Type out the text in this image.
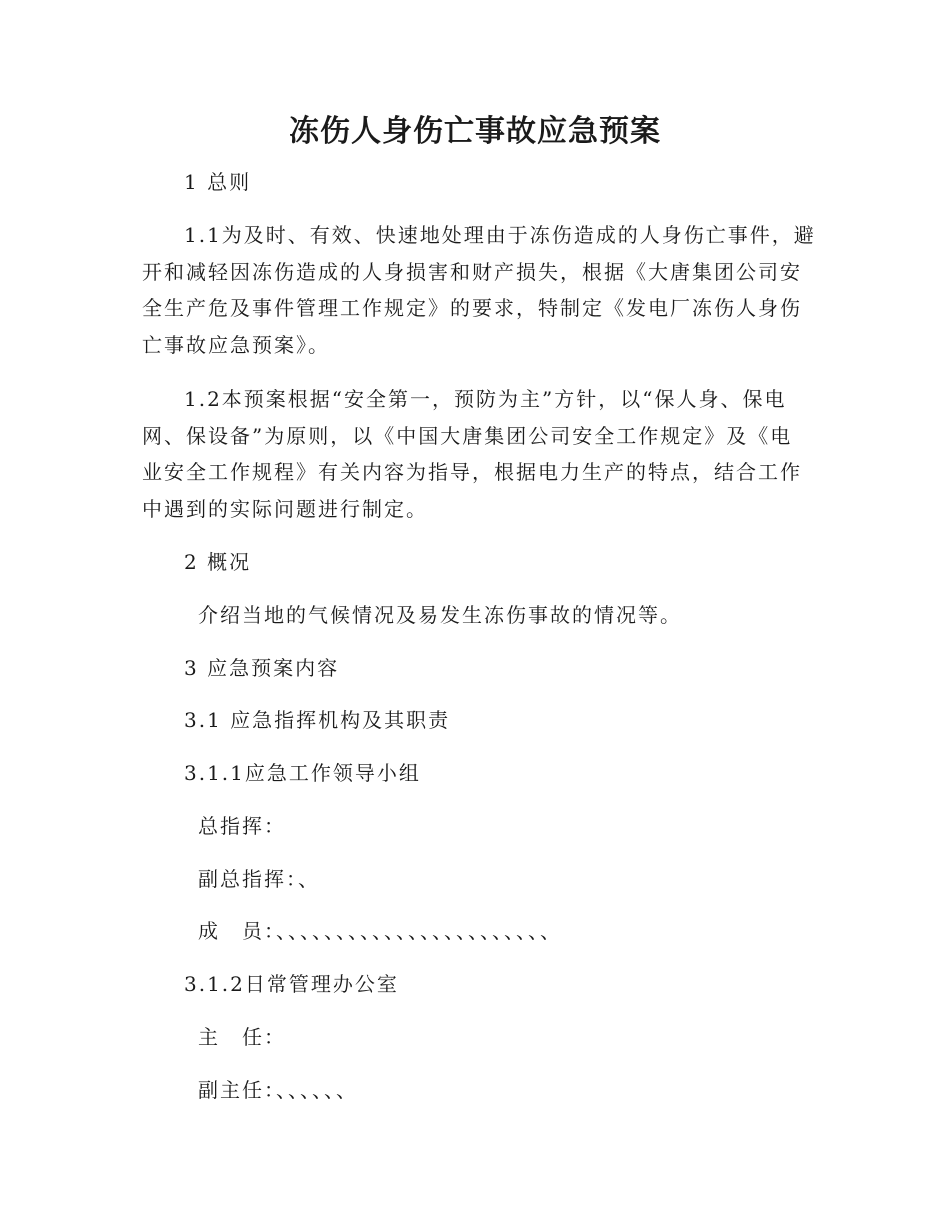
冻伤人身伤亡事故应急预案
1 总则
1.1为及时、有效、快速地处理由于冻伤造成的人身伤亡事件，避
开和减轻因冻伤造成的人身损害和财产损失，根据《大唐集团公司安
全生产危及事件管理工作规定》的要求，特制定《发电厂冻伤人身伤
亡事故应急预案》。
1.2本预案根据“安全第一，预防为主”方针，以“保人身、保电
网、保设备”为原则，以《中国大唐集团公司安全工作规定》及《电
业安全工作规程》有关内容为指导，根据电力生产的特点，结合工作
中遇到的实际问题进行制定。
2 概况
介绍当地的气候情况及易发生冻伤事故的情况等。
3 应急预案内容
3.1 应急指挥机构及其职责
3.1.1应急工作领导小组
总指挥：
副总指挥：、
成　员：、、、、、、、、、、、、、、、、、、、、、、、
3.1.2日常管理办公室
主　任：
副主任：、、、、、、
